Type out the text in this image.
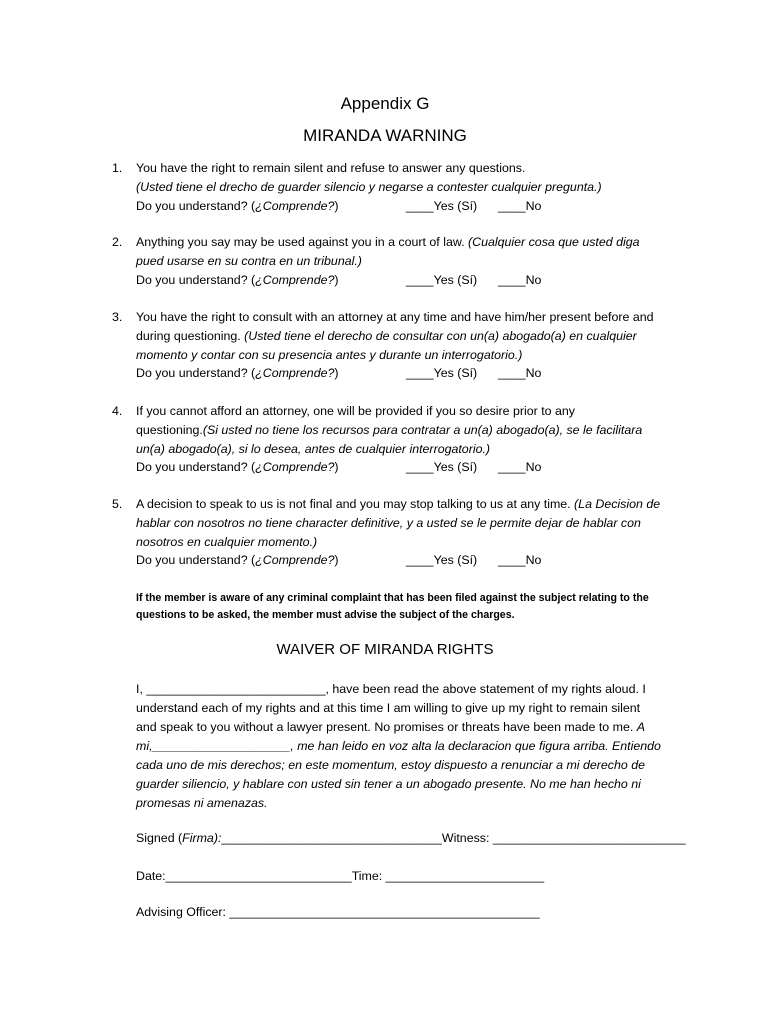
Appendix G
MIRANDA WARNING
1. You have the right to remain silent and refuse to answer any questions.
(Usted tiene el drecho de guarder silencio y negarse a contester cualquier pregunta.)
Do you understand? (¿Comprende?)	____Yes (Sí) ____No
2. Anything you say may be used against you in a court of law. (Cualquier cosa que usted diga
pued usarse en su contra en un tribunal.)
Do you understand? (¿Comprende?)	____Yes (Sí) ____No
3. You have the right to consult with an attorney at any time and have him/her present before and
during questioning. (Usted tiene el derecho de consultar con un(a) abogado(a) en cualquier
momento y contar con su presencia antes y durante un interrogatorio.)
Do you understand? (¿Comprende?)	____Yes (Sí) ____No
4. If you cannot afford an attorney, one will be provided if you so desire prior to any
questioning.(Si usted no tiene los recursos para contratar a un(a) abogado(a), se le facilitara
un(a) abogado(a), si lo desea, antes de cualquier interrogatorio.)
Do you understand? (¿Comprende?)	____Yes (Sí) ____No
5. A decision to speak to us is not final and you may stop talking to us at any time. (La Decision de
hablar con nosotros no tiene character definitive, y a usted se le permite dejar de hablar con
nosotros en cualquier momento.)
Do you understand? (¿Comprende?)	____Yes (Sí) ____No
If the member is aware of any criminal complaint that has been filed against the subject relating to the
questions to be asked, the member must advise the subject of the charges.
WAIVER OF MIRANDA RIGHTS
I, __________________________, have been read the above statement of my rights aloud. I
understand each of my rights and at this time I am willing to give up my right to remain silent
and speak to you without a lawyer present. No promises or threats have been made to me. A
mi,____________________, me han leido en voz alta la declaracion que figura arriba. Entiendo
cada uno de mis derechos; en este momentum, estoy dispuesto a renunciar a mi derecho de
guarder siliencio, y hablare con usted sin tener a un abogado presente. No me han hecho ni
promesas ni amenazas.
Signed (Firma):________________________________Witness: ____________________________
Date:___________________________Time: _______________________
Advising Officer: _____________________________________________
